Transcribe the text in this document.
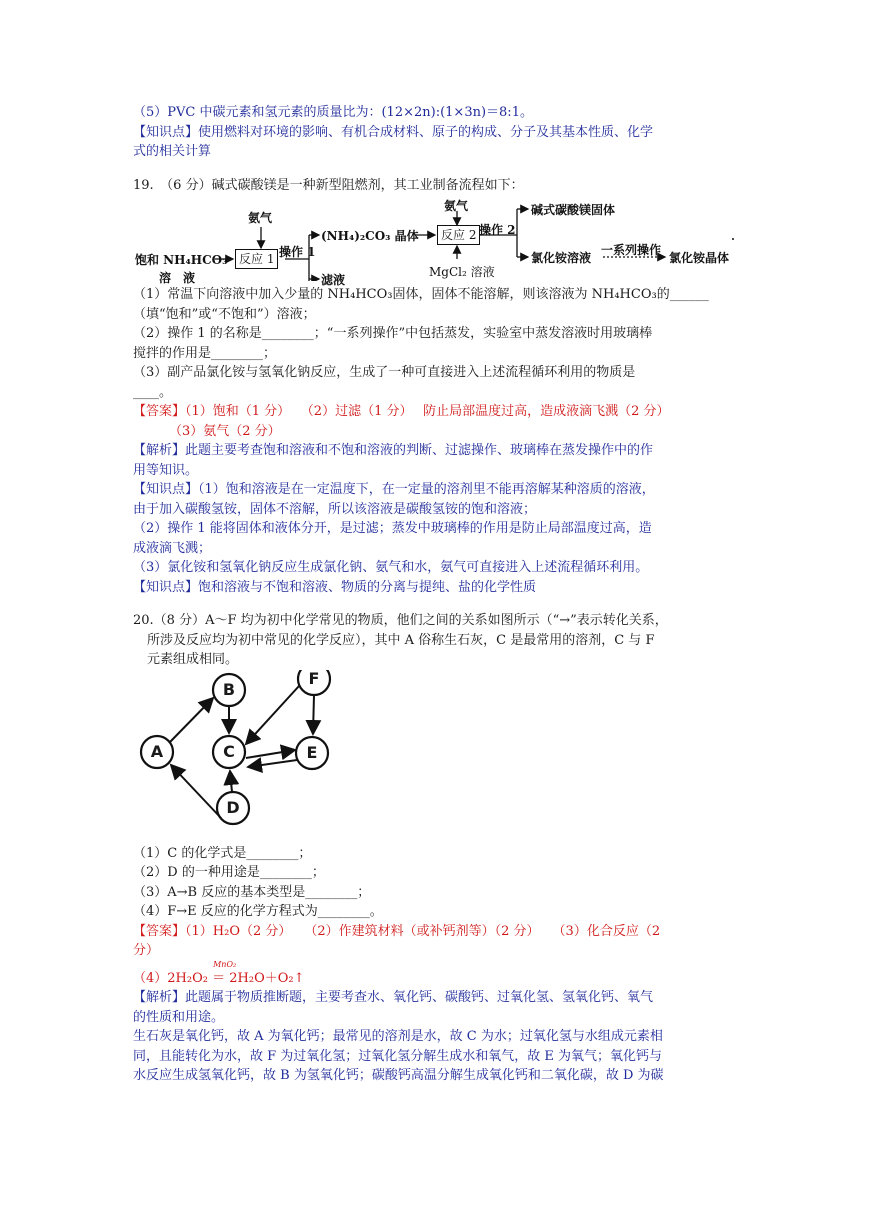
（5）PVC 中碳元素和氢元素的质量比为：(12×2n):(1×3n)＝8:1。
【知识点】使用燃料对环境的影响、有机合成材料、原子的构成、分子及其基本性质、化学
式的相关计算
19.　（6 分）碱式碳酸镁是一种新型阻燃剂，其工业制备流程如下：
饱和 NH₄HCO₃
溶　液
氨气
反应 1 操作 1
(NH₄)₂CO₃ 晶体
滤液
氨气
反应 2 操作 2
MgCl₂ 溶液
碱式碳酸镁固体
氯化铵溶液
一系列操作
氯化铵晶体
（1）常温下向溶液中加入少量的 NH₄HCO₃固体，固体不能溶解，则该溶液为 NH₄HCO₃的______
（填“饱和”或“不饱和”）溶液；
（2）操作 1 的名称是________；“一系列操作”中包括蒸发，实验室中蒸发溶液时用玻璃棒
搅拌的作用是________；
（3）副产品氯化铵与氢氧化钠反应，生成了一种可直接进入上述流程循环利用的物质是
____。
【答案】（1）饱和（1 分）　 （2）过滤（1 分）　 防止局部温度过高，造成液滴飞溅（2 分）
（3）氨气（2 分）
【解析】此题主要考查饱和溶液和不饱和溶液的判断、过滤操作、玻璃棒在蒸发操作中的作
用等知识。
【知识点】（1）饱和溶液是在一定温度下，在一定量的溶剂里不能再溶解某种溶质的溶液，
由于加入碳酸氢铵，固体不溶解，所以该溶液是碳酸氢铵的饱和溶液；
（2）操作 1 能将固体和液体分开，是过滤；蒸发中玻璃棒的作用是防止局部温度过高，造
成液滴飞溅；
（3）氯化铵和氢氧化钠反应生成氯化钠、氨气和水，氨气可直接进入上述流程循环利用。
【知识点】饱和溶液与不饱和溶液、物质的分离与提纯、盐的化学性质
20.（8 分）A～F 均为初中化学常见的物质，他们之间的关系如图所示（“→”表示转化关系，
所涉及反应均为初中常见的化学反应），其中 A 俗称生石灰，C 是最常用的溶剂，C 与 F
元素组成相同。
A
B
C
D
E
F
（1）C 的化学式是________；
（2）D 的一种用途是________；
（3）A→B 反应的基本类型是________；
（4）F→E 反应的化学方程式为________。
【答案】（1）H₂O（2 分）　　（2）作建筑材料（或补钙剂等）（2 分）　　（3）化合反应（2
分）
（4）2H₂O₂
MnO₂
＝ 2H₂O＋O₂↑
【解析】此题属于物质推断题，主要考查水、氧化钙、碳酸钙、过氧化氢、氢氧化钙、氧气
的性质和用途。
生石灰是氧化钙，故 A 为氧化钙；最常见的溶剂是水，故 C 为水；过氧化氢与水组成元素相
同，且能转化为水，故 F 为过氧化氢；过氧化氢分解生成水和氧气，故 E 为氧气；氧化钙与
水反应生成氢氧化钙，故 B 为氢氧化钙；碳酸钙高温分解生成氧化钙和二氧化碳，故 D 为碳
